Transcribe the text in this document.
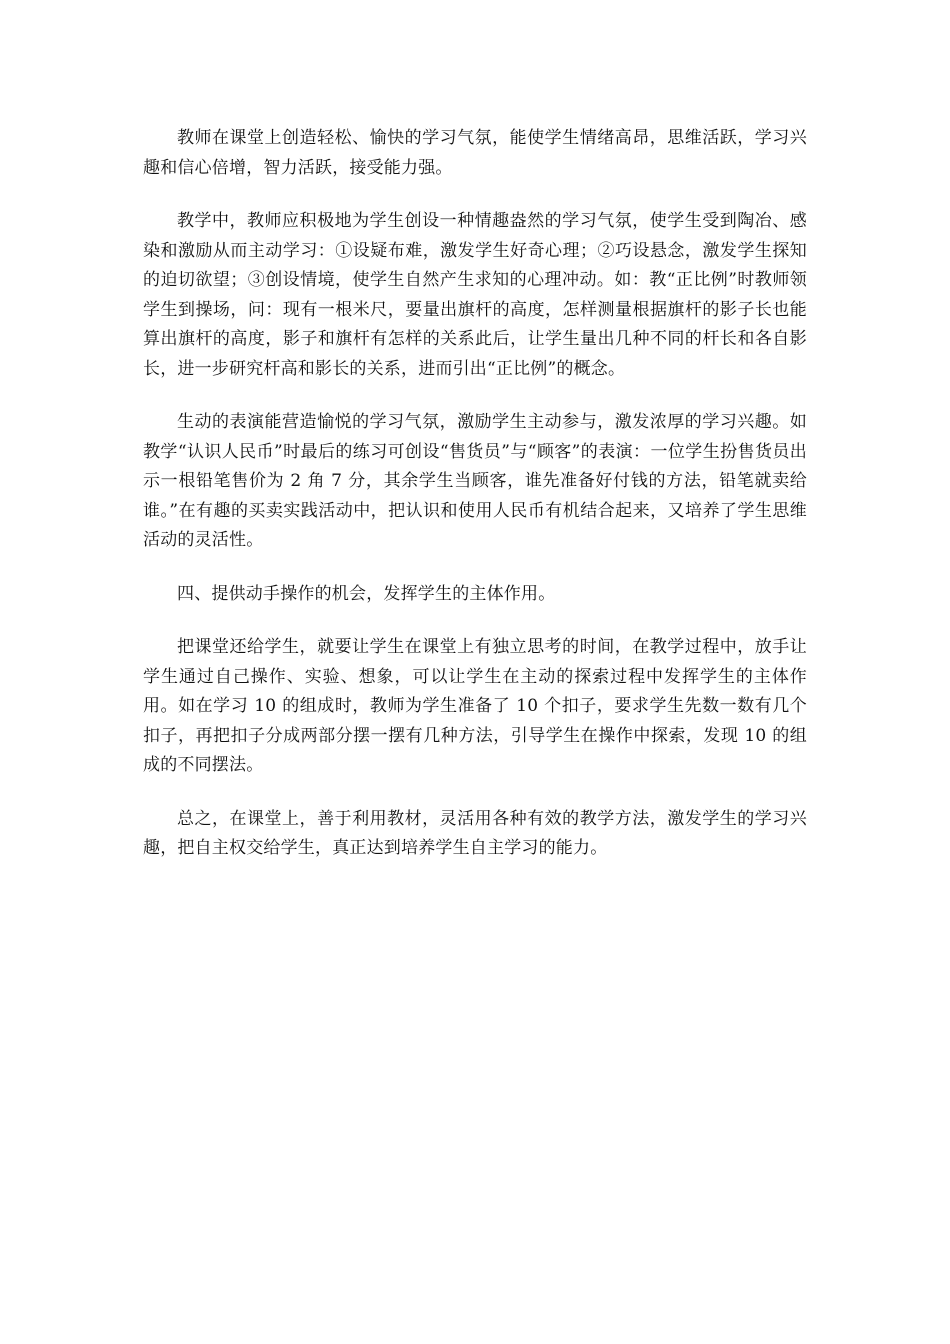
教师在课堂上创造轻松、愉快的学习气氛，能使学生情绪高昂，思维活跃，学习兴趣和信心倍增，智力活跃，接受能力强。

教学中，教师应积极地为学生创设一种情趣盎然的学习气氛，使学生受到陶冶、感染和激励从而主动学习：①设疑布难，激发学生好奇心理；②巧设悬念，激发学生探知的迫切欲望；③创设情境，使学生自然产生求知的心理冲动。如：教“正比例”时教师领学生到操场，问：现有一根米尺，要量出旗杆的高度，怎样测量根据旗杆的影子长也能算出旗杆的高度，影子和旗杆有怎样的关系此后，让学生量出几种不同的杆长和各自影长，进一步研究杆高和影长的关系，进而引出“正比例”的概念。

生动的表演能营造愉悦的学习气氛，激励学生主动参与，激发浓厚的学习兴趣。如教学“认识人民币”时最后的练习可创设“售货员”与“顾客”的表演：一位学生扮售货员出示一根铅笔售价为 2 角 7 分，其余学生当顾客，谁先准备好付钱的方法，铅笔就卖给谁。”在有趣的买卖实践活动中，把认识和使用人民币有机结合起来，又培养了学生思维活动的灵活性。

四、提供动手操作的机会，发挥学生的主体作用。

把课堂还给学生，就要让学生在课堂上有独立思考的时间，在教学过程中，放手让学生通过自己操作、实验、想象，可以让学生在主动的探索过程中发挥学生的主体作用。如在学习 10 的组成时，教师为学生准备了 10 个扣子，要求学生先数一数有几个扣子，再把扣子分成两部分摆一摆有几种方法，引导学生在操作中探索，发现 10 的组成的不同摆法。

总之，在课堂上，善于利用教材，灵活用各种有效的教学方法，激发学生的学习兴趣，把自主权交给学生，真正达到培养学生自主学习的能力。
